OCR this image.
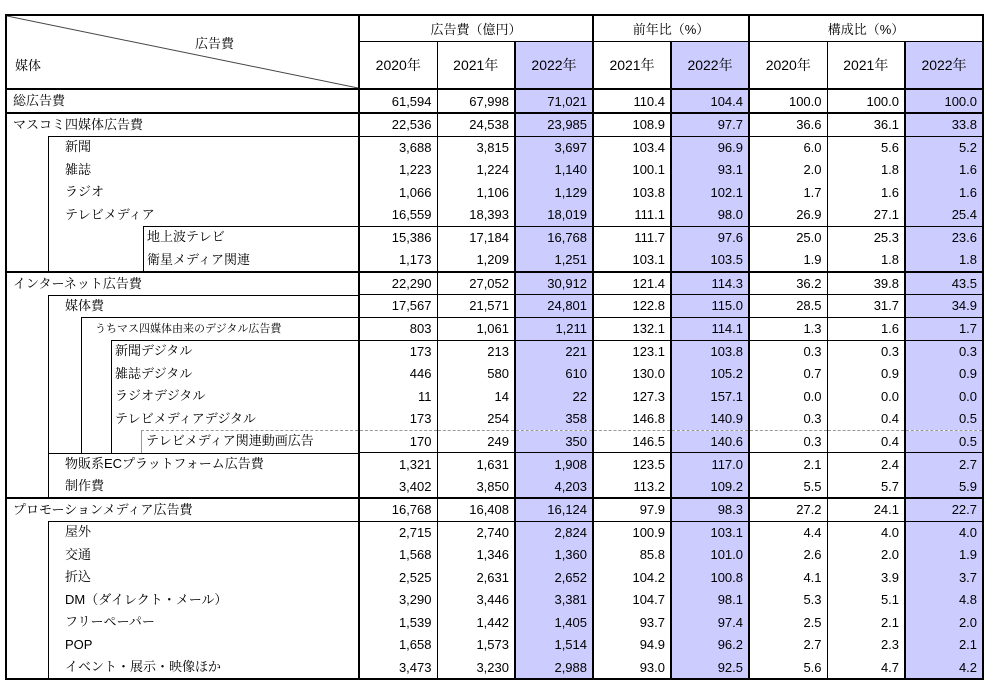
広告費
媒体	広告費（億円）			前年比（%）		構成比（%）		
	2020年	2021年	2022年	2021年	2022年	2020年	2021年	2022年
総広告費	61,594	67,998	71,021	110.4	104.4	100.0	100.0	100.0
マスコミ四媒体広告費	22,536	24,538	23,985	108.9	97.7	36.6	36.1	33.8

新聞	3,688	3,815	3,697	103.4	96.9	6.0	5.6	5.2

雑誌	1,223	1,224	1,140	100.1	93.1	2.0	1.8	1.6

ラジオ	1,066	1,106	1,129	103.8	102.1	1.7	1.6	1.6

テレビメディア	16,559	18,393	18,019	111.1	98.0	26.9	27.1	25.4

地上波テレビ	15,386	17,184	16,768	111.7	97.6	25.0	25.3	23.6

衛星メディア関連	1,173	1,209	1,251	103.1	103.5	1.9	1.8	1.8
インターネット広告費	22,290	27,052	30,912	121.4	114.3	36.2	39.8	43.5

媒体費	17,567	21,571	24,801	122.8	115.0	28.5	31.7	34.9

うちマス四媒体由来のデジタル広告費	803	1,061	1,211	132.1	114.1	1.3	1.6	1.7

新聞デジタル	173	213	221	123.1	103.8	0.3	0.3	0.3

雑誌デジタル	446	580	610	130.0	105.2	0.7	0.9	0.9

ラジオデジタル	11	14	22	127.3	157.1	0.0	0.0	0.0

テレビメディアデジタル	173	254	358	146.8	140.9	0.3	0.4	0.5

テレビメディア関連動画広告	170	249	350	146.5	140.6	0.3	0.4	0.5

物販系ECプラットフォーム広告費	1,321	1,631	1,908	123.5	117.0	2.1	2.4	2.7

制作費	3,402	3,850	4,203	113.2	109.2	5.5	5.7	5.9
プロモーションメディア広告費	16,768	16,408	16,124	97.9	98.3	27.2	24.1	22.7

屋外	2,715	2,740	2,824	100.9	103.1	4.4	4.0	4.0

交通	1,568	1,346	1,360	85.8	101.0	2.6	2.0	1.9

折込	2,525	2,631	2,652	104.2	100.8	4.1	3.9	3.7

DM（ダイレクト・メール）	3,290	3,446	3,381	104.7	98.1	5.3	5.1	4.8

フリーペーパー	1,539	1,442	1,405	93.7	97.4	2.5	2.1	2.0

POP	1,658	1,573	1,514	94.9	96.2	2.7	2.3	2.1

イベント・展示・映像ほか	3,473	3,230	2,988	93.0	92.5	5.6	4.7	4.2
